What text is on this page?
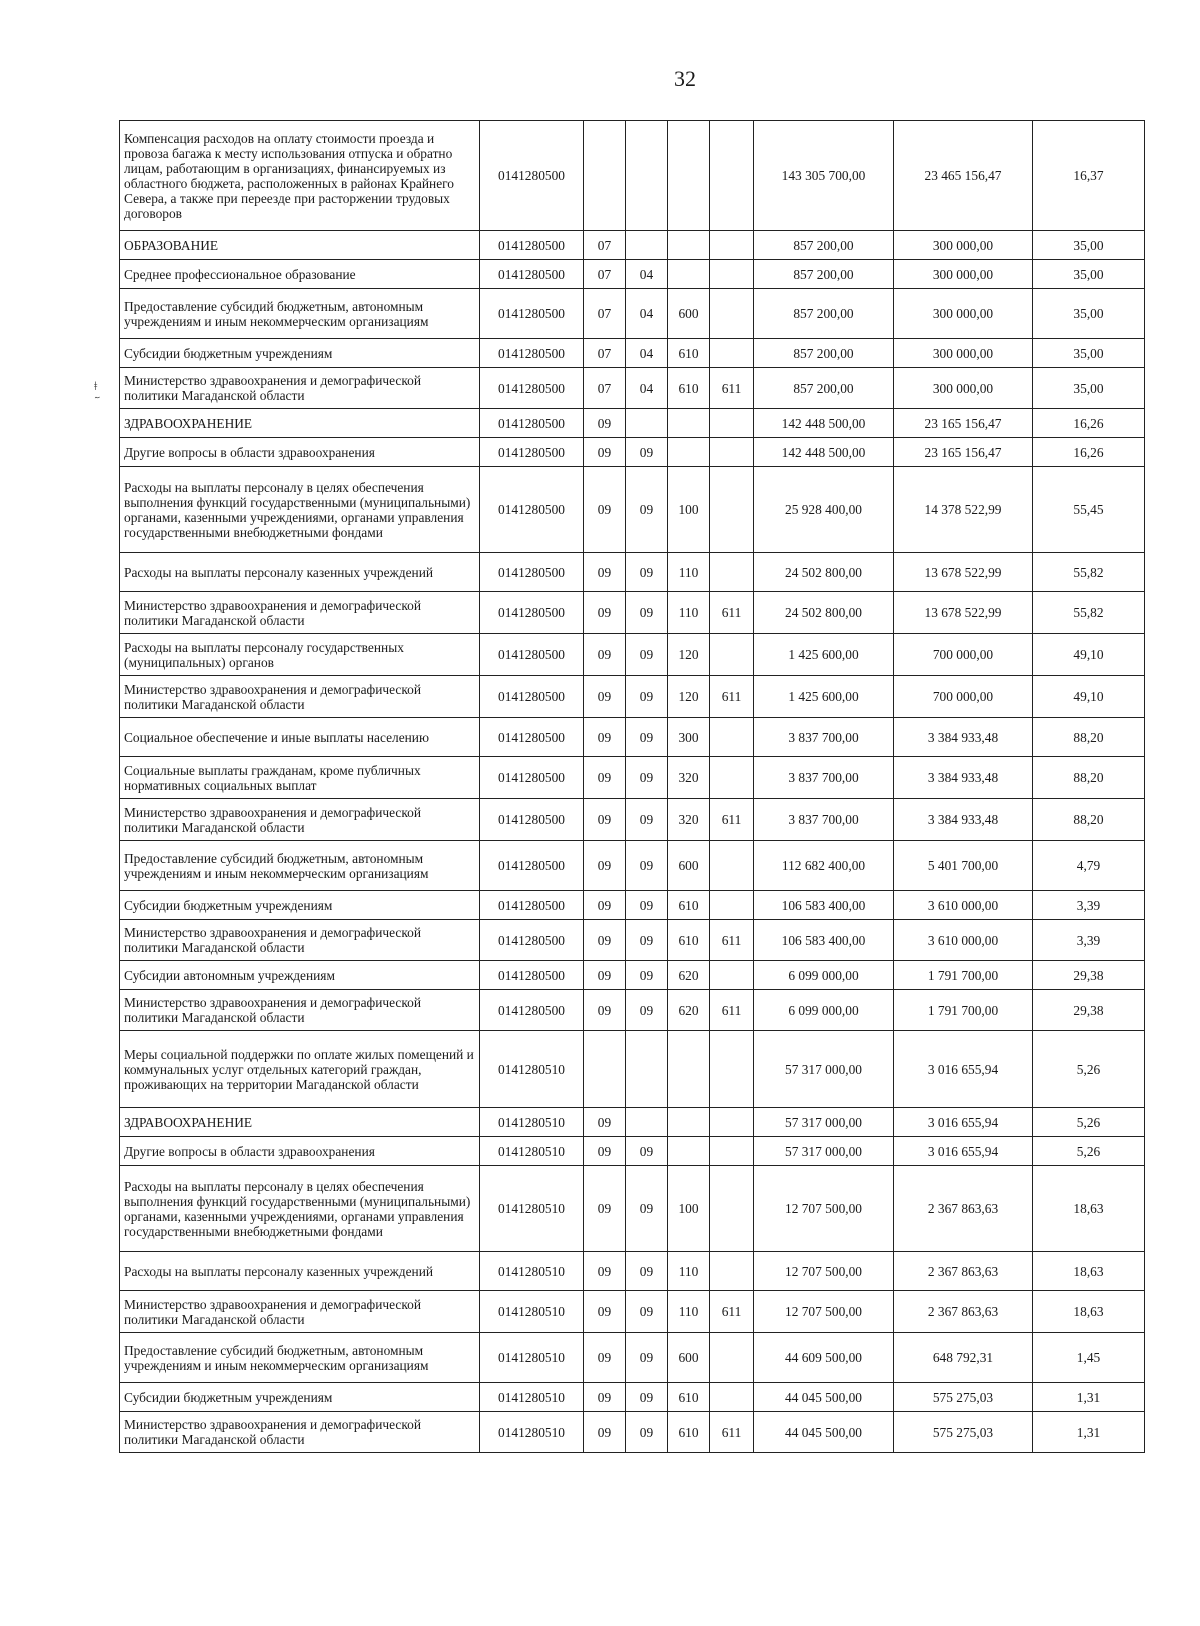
32
ǂ

Компенсация расходов на оплату стоимости проезда и провоза багажа к месту использования отпуска и обратно лицам, работающим в организациях, финансируемых из областного бюджета, расположенных в районах Крайнего Севера, а также при переезде при расторжении трудовых договоров	0141280500					143 305 700,00	23 465 156,47	16,37
ОБРАЗОВАНИЕ	0141280500	07				857 200,00	300 000,00	35,00
Среднее профессиональное образование	0141280500	07	04			857 200,00	300 000,00	35,00
Предоставление субсидий бюджетным, автономным учреждениям и иным некоммерческим организациям	0141280500	07	04	600		857 200,00	300 000,00	35,00
Субсидии бюджетным учреждениям	0141280500	07	04	610		857 200,00	300 000,00	35,00
Министерство здравоохранения и демографической политики Магаданской области	0141280500	07	04	610	611	857 200,00	300 000,00	35,00
ЗДРАВООХРАНЕНИЕ	0141280500	09				142 448 500,00	23 165 156,47	16,26
Другие вопросы в области здравоохранения	0141280500	09	09			142 448 500,00	23 165 156,47	16,26
Расходы на выплаты персоналу в целях обеспечения выполнения функций государственными (муниципальными) органами, казенными учреждениями, органами управления государственными внебюджетными фондами	0141280500	09	09	100		25 928 400,00	14 378 522,99	55,45
Расходы на выплаты персоналу казенных учреждений	0141280500	09	09	110		24 502 800,00	13 678 522,99	55,82
Министерство здравоохранения и демографической политики Магаданской области	0141280500	09	09	110	611	24 502 800,00	13 678 522,99	55,82
Расходы на выплаты персоналу государственных (муниципальных) органов	0141280500	09	09	120		1 425 600,00	700 000,00	49,10
Министерство здравоохранения и демографической политики Магаданской области	0141280500	09	09	120	611	1 425 600,00	700 000,00	49,10
Социальное обеспечение и иные выплаты населению	0141280500	09	09	300		3 837 700,00	3 384 933,48	88,20
Социальные выплаты гражданам, кроме публичных нормативных социальных выплат	0141280500	09	09	320		3 837 700,00	3 384 933,48	88,20
Министерство здравоохранения и демографической политики Магаданской области	0141280500	09	09	320	611	3 837 700,00	3 384 933,48	88,20
Предоставление субсидий бюджетным, автономным учреждениям и иным некоммерческим организациям	0141280500	09	09	600		112 682 400,00	5 401 700,00	4,79
Субсидии бюджетным учреждениям	0141280500	09	09	610		106 583 400,00	3 610 000,00	3,39
Министерство здравоохранения и демографической политики Магаданской области	0141280500	09	09	610	611	106 583 400,00	3 610 000,00	3,39
Субсидии автономным учреждениям	0141280500	09	09	620		6 099 000,00	1 791 700,00	29,38
Министерство здравоохранения и демографической политики Магаданской области	0141280500	09	09	620	611	6 099 000,00	1 791 700,00	29,38
Меры социальной поддержки по оплате жилых помещений и коммунальных услуг отдельных категорий граждан, проживающих на территории Магаданской области	0141280510					57 317 000,00	3 016 655,94	5,26
ЗДРАВООХРАНЕНИЕ	0141280510	09				57 317 000,00	3 016 655,94	5,26
Другие вопросы в области здравоохранения	0141280510	09	09			57 317 000,00	3 016 655,94	5,26
Расходы на выплаты персоналу в целях обеспечения выполнения функций государственными (муниципальными) органами, казенными учреждениями, органами управления государственными внебюджетными фондами	0141280510	09	09	100		12 707 500,00	2 367 863,63	18,63
Расходы на выплаты персоналу казенных учреждений	0141280510	09	09	110		12 707 500,00	2 367 863,63	18,63
Министерство здравоохранения и демографической политики Магаданской области	0141280510	09	09	110	611	12 707 500,00	2 367 863,63	18,63
Предоставление субсидий бюджетным, автономным учреждениям и иным некоммерческим организациям	0141280510	09	09	600		44 609 500,00	648 792,31	1,45
Субсидии бюджетным учреждениям	0141280510	09	09	610		44 045 500,00	575 275,03	1,31
Министерство здравоохранения и демографической политики Магаданской области	0141280510	09	09	610	611	44 045 500,00	575 275,03	1,31
